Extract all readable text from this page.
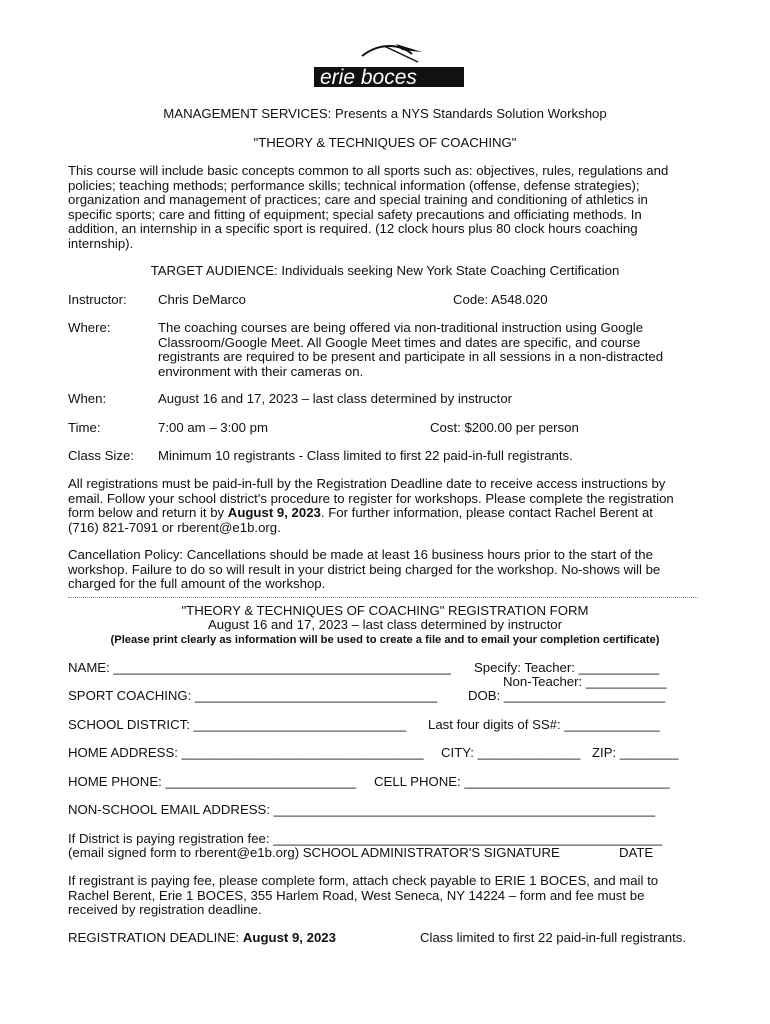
erie boces
MANAGEMENT SERVICES: Presents a NYS Standards Solution Workshop
"THEORY & TECHNIQUES OF COACHING"
This course will include basic concepts common to all sports such as: objectives, rules, regulations and
policies; teaching methods; performance skills; technical information (offense, defense strategies);
organization and management of practices; care and special training and conditioning of athletics in
specific sports; care and fitting of equipment; special safety precautions and officiating methods. In
addition, an internship in a specific sport is required. (12 clock hours plus 80 clock hours coaching
internship).
TARGET AUDIENCE: Individuals seeking New York State Coaching Certification
Instructor: Chris DeMarco	Code: A548.020
Where:	The coaching courses are being offered via non-traditional instruction using Google
Classroom/Google Meet. All Google Meet times and dates are specific, and course
registrants are required to be present and participate in all sessions in a non-distracted
environment with their cameras on.
When:	August 16 and 17, 2023 – last class determined by instructor
Time:	7:00 am – 3:00 pm	Cost: $200.00 per person
Class Size: Minimum 10 registrants - Class limited to first 22 paid-in-full registrants.
All registrations must be paid-in-full by the Registration Deadline date to receive access instructions by
email. Follow your school district's procedure to register for workshops. Please complete the registration
form below and return it by August 9, 2023. For further information, please contact Rachel Berent at
(716) 821-7091 or rberent@e1b.org.
Cancellation Policy: Cancellations should be made at least 16 business hours prior to the start of the
workshop. Failure to do so will result in your district being charged for the workshop. No-shows will be
charged for the full amount of the workshop.
"THEORY & TECHNIQUES OF COACHING" REGISTRATION FORM
August 16 and 17, 2023 – last class determined by instructor
(Please print clearly as information will be used to create a file and to email your completion certificate)
NAME: ______________________________________________ Specify: Teacher: ___________
Non-Teacher: ___________
SPORT COACHING: _________________________________ DOB: ______________________
SCHOOL DISTRICT: _____________________________ Last four digits of SS#: _____________
HOME ADDRESS: _________________________________ CITY: ______________ ZIP: ________
HOME PHONE: __________________________ CELL PHONE: ____________________________
NON-SCHOOL EMAIL ADDRESS: ____________________________________________________
If District is paying registration fee: _____________________________________________________
(email signed form to rberent@e1b.org) SCHOOL ADMINISTRATOR'S SIGNATURE	DATE
If registrant is paying fee, please complete form, attach check payable to ERIE 1 BOCES, and mail to
Rachel Berent, Erie 1 BOCES, 355 Harlem Road, West Seneca, NY 14224 – form and fee must be
received by registration deadline.
REGISTRATION DEADLINE: August 9, 2023	Class limited to first 22 paid-in-full registrants.
